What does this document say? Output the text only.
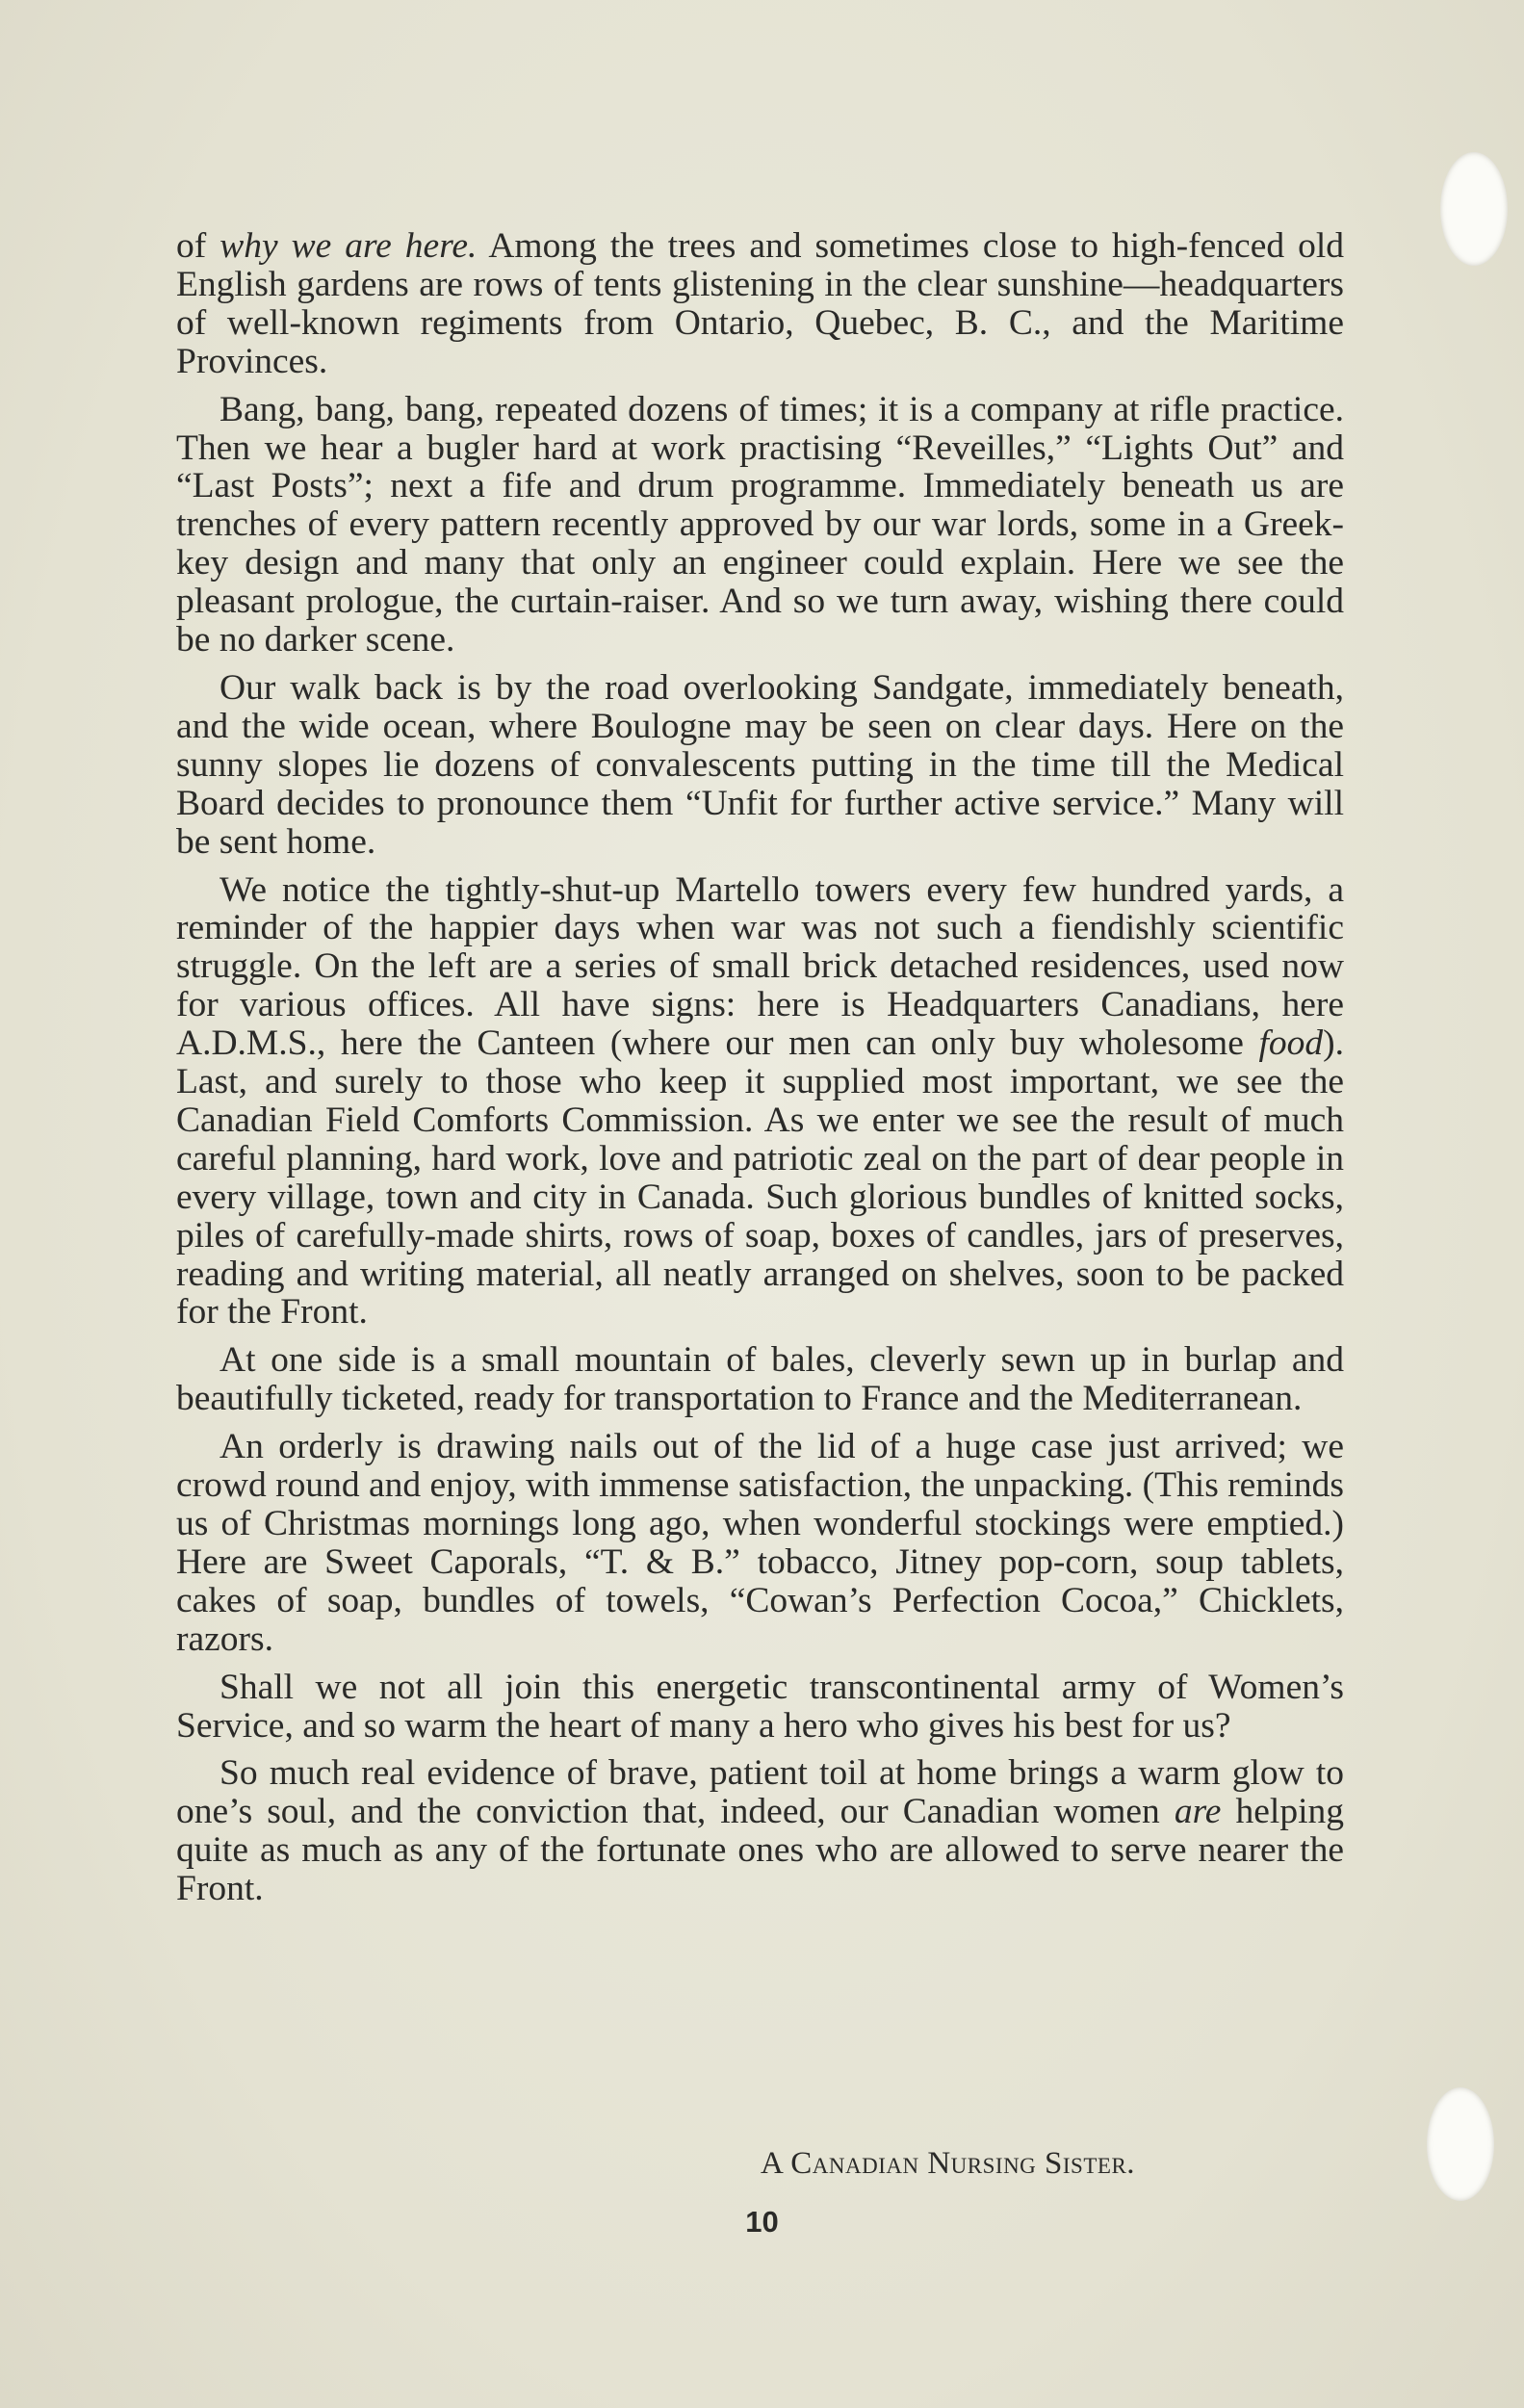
of why we are here. Among the trees and sometimes close to high-fenced old English gardens are rows of tents glistening in the clear sunshine—headquarters of well-known regiments from Ontario, Quebec, B. C., and the Maritime Provinces.

Bang, bang, bang, repeated dozens of times; it is a company at rifle practice. Then we hear a bugler hard at work practising “Reveilles,” “Lights Out” and “Last Posts”; next a fife and drum programme. Immediately beneath us are trenches of every pattern recently approved by our war lords, some in a Greek-key design and many that only an engineer could explain. Here we see the pleasant prologue, the curtain-raiser. And so we turn away, wishing there could be no darker scene.

Our walk back is by the road overlooking Sandgate, immediately beneath, and the wide ocean, where Boulogne may be seen on clear days. Here on the sunny slopes lie dozens of convalescents putting in the time till the Medical Board decides to pronounce them “Unfit for further active service.” Many will be sent home.

We notice the tightly-shut-up Martello towers every few hundred yards, a reminder of the happier days when war was not such a fiendishly scientific struggle. On the left are a series of small brick detached residences, used now for various offices. All have signs: here is Headquarters Canadians, here A.D.M.S., here the Canteen (where our men can only buy wholesome food). Last, and surely to those who keep it supplied most important, we see the Canadian Field Comforts Commission. As we enter we see the result of much careful planning, hard work, love and patriotic zeal on the part of dear people in every village, town and city in Canada. Such glorious bundles of knitted socks, piles of carefully-made shirts, rows of soap, boxes of candles, jars of preserves, reading and writing material, all neatly arranged on shelves, soon to be packed for the Front.

At one side is a small mountain of bales, cleverly sewn up in burlap and beautifully ticketed, ready for transportation to France and the Mediterranean.

An orderly is drawing nails out of the lid of a huge case just arrived; we crowd round and enjoy, with immense satisfaction, the unpacking. (This reminds us of Christmas mornings long ago, when wonderful stockings were emptied.) Here are Sweet Caporals, “T. & B.” tobacco, Jitney pop-corn, soup tablets, cakes of soap, bundles of towels, “Cowan’s Perfection Cocoa,” Chicklets, razors.

Shall we not all join this energetic transcontinental army of Women’s Service, and so warm the heart of many a hero who gives his best for us?

So much real evidence of brave, patient toil at home brings a warm glow to one’s soul, and the conviction that, indeed, our Canadian women are helping quite as much as any of the fortunate ones who are allowed to serve nearer the Front.

A Canadian Nursing Sister.
10
